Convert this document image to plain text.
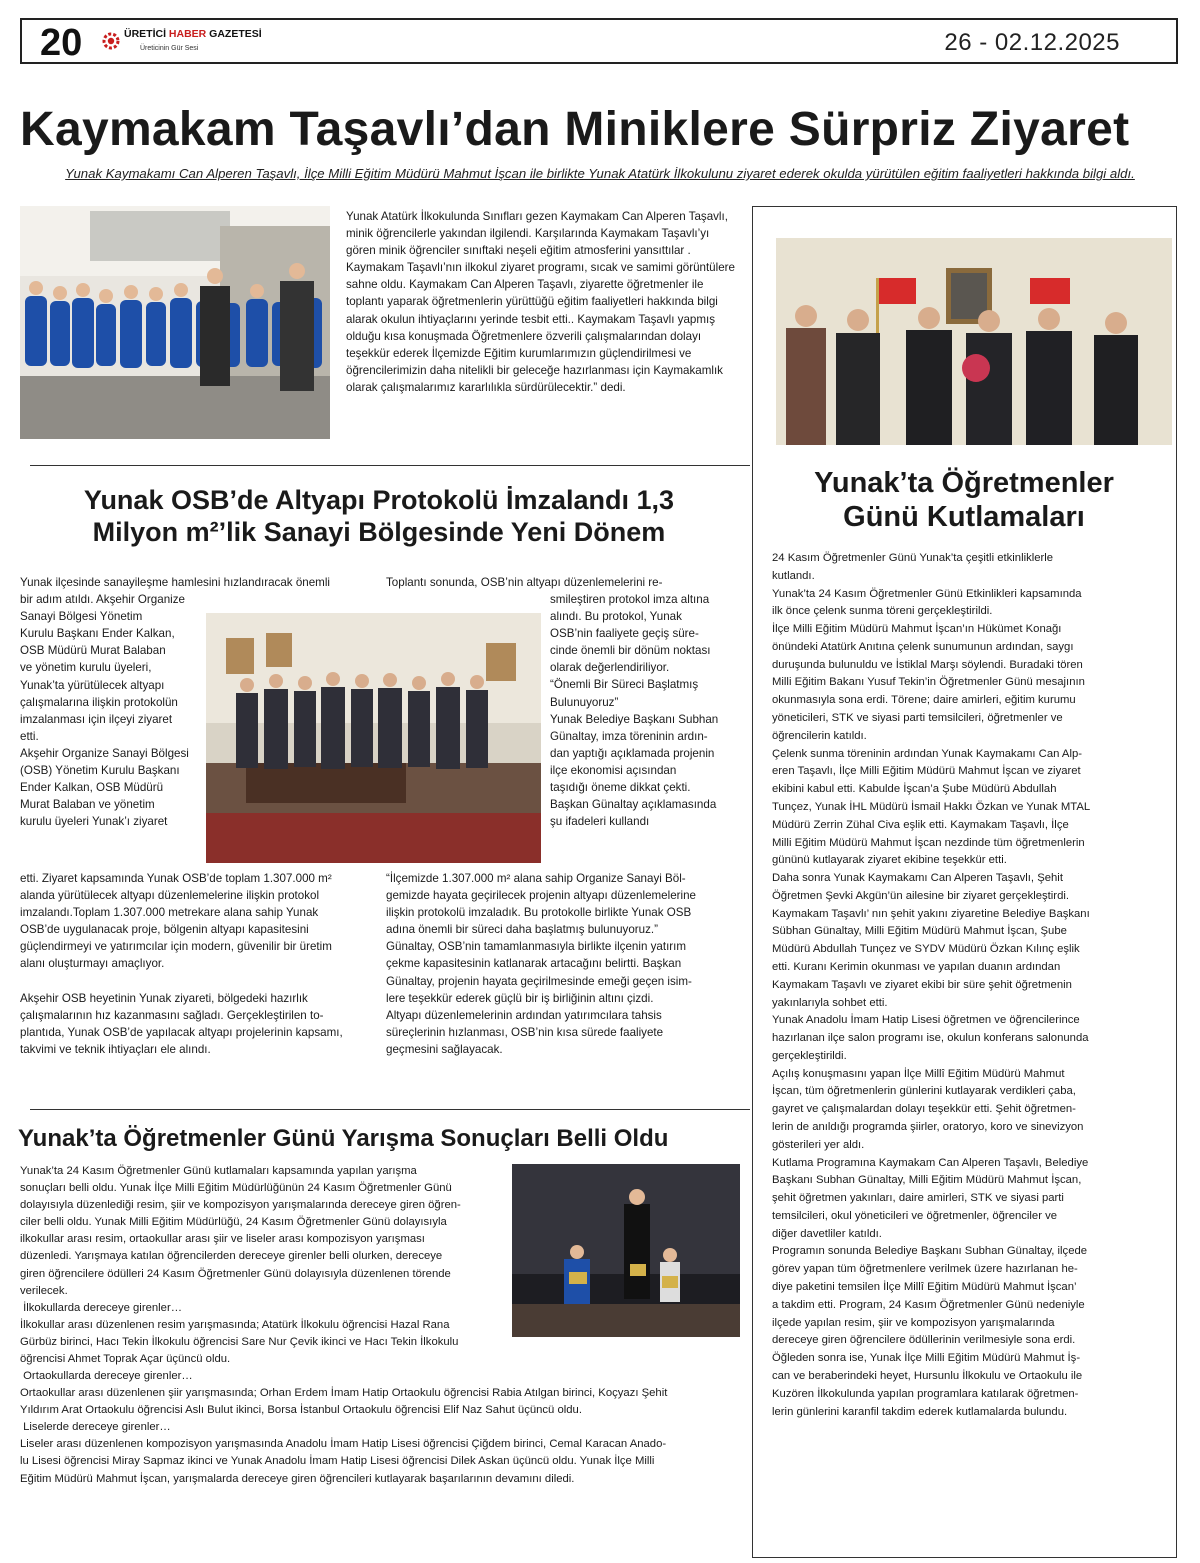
20	ÜRETİCİ HABER GAZETESİ
Üreticinin Gür Sesi	26 - 02.12.2025
Kaymakam Taşavlı’dan Miniklere Sürpriz Ziyaret
Yunak Kaymakamı Can Alperen Taşavlı, İlçe Milli Eğitim Müdürü Mahmut İşcan ile birlikte Yunak Atatürk İlkokulunu ziyaret ederek okulda yürütülen eğitim faaliyetleri hakkında bilgi aldı.
Yunak Atatürk İlkokulunda Sınıfları gezen Kaymakam Can Alperen Taşavlı, minik öğrencilerle yakından ilgilendi. Karşılarında Kaymakam Taşavlı’yı gören minik öğrenciler sınıftaki neşeli eğitim atmosferini yansıttılar . Kaymakam Taşavlı’nın ilkokul ziyaret programı, sıcak ve samimi görüntülere sahne oldu. Kaymakam Can Alperen Taşavlı, ziyarette öğretmenler ile toplantı yaparak öğretmenlerin yürüttüğü eğitim faaliyetleri hakkında bilgi alarak okulun ihtiyaçlarını yerinde tesbit etti.. Kaymakam Taşavlı yapmış olduğu kısa konuşmada Öğretmenlere özverili çalışmalarından dolayı teşekkür ederek İlçemizde Eğitim kurumlarımızın güçlendirilmesi ve öğrencilerimizin daha nitelikli bir geleceğe hazırlanması için Kaymakamlık olarak çalışmalarımız kararlılıkla sürdürülecektir.” dedi.
Yunak OSB’de Altyapı Protokolü İmzalandı 1,3
Milyon m²’lik Sanayi Bölgesinde Yeni Dönem

Yunak ilçesinde sanayileşme hamlesini hızlandıracak önemli

bir adım atıldı. Akşehir Organize

Sanayi Bölgesi Yönetim

Kurulu Başkanı Ender Kalkan,

OSB Müdürü Murat Balaban

ve yönetim kurulu üyeleri,

Yunak’ta yürütülecek altyapı

çalışmalarına ilişkin protokolün

imzalanması için ilçeyi ziyaret

etti.

Akşehir Organize Sanayi Bölgesi

(OSB) Yönetim Kurulu Başkanı

Ender Kalkan, OSB Müdürü

Murat Balaban ve yönetim

kurulu üyeleri Yunak’ı ziyaret

etti. Ziyaret kapsamında Yunak OSB’de toplam 1.307.000 m²

alanda yürütülecek altyapı düzenlemelerine ilişkin protokol

imzalandı.Toplam 1.307.000 metrekare alana sahip Yunak

OSB’de uygulanacak proje, bölgenin altyapı kapasitesini

güçlendirmeyi ve yatırımcılar için modern, güvenilir bir üretim

alanı oluşturmayı amaçlıyor.

Akşehir OSB heyetinin Yunak ziyareti, bölgedeki hazırlık

çalışmalarının hız kazanmasını sağladı. Gerçekleştirilen to-

plantıda, Yunak OSB’de yapılacak altyapı projelerinin kapsamı,

takvimi ve teknik ihtiyaçları ele alındı.

Toplantı sonunda, OSB’nin altyapı düzenlemelerini re-

smileştiren protokol imza altına

alındı. Bu protokol, Yunak

OSB’nin faaliyete geçiş süre-

cinde önemli bir dönüm noktası

olarak değerlendiriliyor.

“Önemli Bir Süreci Başlatmış

Bulunuyoruz”

Yunak Belediye Başkanı Subhan

Günaltay, imza töreninin ardın-

dan yaptığı açıklamada projenin

ilçe ekonomisi açısından

taşıdığı öneme dikkat çekti.

Başkan Günaltay açıklamasında

şu ifadeleri kullandı

“İlçemizde 1.307.000 m² alana sahip Organize Sanayi Böl-

gemizde hayata geçirilecek projenin altyapı düzenlemelerine

ilişkin protokolü imzaladık. Bu protokolle birlikte Yunak OSB

adına önemli bir süreci daha başlatmış bulunuyoruz.”

Günaltay, OSB’nin tamamlanmasıyla birlikte ilçenin yatırım

çekme kapasitesinin katlanarak artacağını belirtti. Başkan

Günaltay, projenin hayata geçirilmesinde emeği geçen isim-

lere teşekkür ederek güçlü bir iş birliğinin altını çizdi.

Altyapı düzenlemelerinin ardından yatırımcılara tahsis

süreçlerinin hızlanması, OSB’nin kısa sürede faaliyete

geçmesini sağlayacak.

Yunak’ta Öğretmenler Günü Yarışma Sonuçları Belli Oldu

Yunak’ta 24 Kasım Öğretmenler Günü kutlamaları kapsamında yapılan yarışma

sonuçları belli oldu. Yunak İlçe Milli Eğitim Müdürlüğünün 24 Kasım Öğretmenler Günü

dolayısıyla düzenlediği resim, şiir ve kompozisyon yarışmalarında dereceye giren öğren-

ciler belli oldu. Yunak Milli Eğitim Müdürlüğü, 24 Kasım Öğretmenler Günü dolayısıyla

ilkokullar arası resim, ortaokullar arası şiir ve liseler arası kompozisyon yarışması

düzenledi. Yarışmaya katılan öğrencilerden dereceye girenler belli olurken, dereceye

giren öğrencilere ödülleri 24 Kasım Öğretmenler Günü dolayısıyla düzenlenen törende

verilecek.

İlkokullarda dereceye girenler…

İlkokullar arası düzenlenen resim yarışmasında; Atatürk İlkokulu öğrencisi Hazal Rana

Gürbüz birinci, Hacı Tekin İlkokulu öğrencisi Sare Nur Çevik ikinci ve Hacı Tekin İlkokulu

öğrencisi Ahmet Toprak Açar üçüncü oldu.

Ortaokullarda dereceye girenler…

Ortaokullar arası düzenlenen şiir yarışmasında; Orhan Erdem İmam Hatip Ortaokulu öğrencisi Rabia Atılgan birinci, Koçyazı Şehit

Yıldırım Arat Ortaokulu öğrencisi Aslı Bulut ikinci, Borsa İstanbul Ortaokulu öğrencisi Elif Naz Sahut üçüncü oldu.

Liselerde dereceye girenler…

Liseler arası düzenlenen kompozisyon yarışmasında Anadolu İmam Hatip Lisesi öğrencisi Çiğdem birinci, Cemal Karacan Anado-

lu Lisesi öğrencisi Miray Sapmaz ikinci ve Yunak Anadolu İmam Hatip Lisesi öğrencisi Dilek Askan üçüncü oldu. Yunak İlçe Milli

Eğitim Müdürü Mahmut İşcan, yarışmalarda dereceye giren öğrencileri kutlayarak başarılarının devamını diledi.

Yunak’ta Öğretmenler
Günü Kutlamaları

24 Kasım Öğretmenler Günü Yunak’ta çeşitli etkinliklerle

kutlandı.

Yunak’ta 24 Kasım Öğretmenler Günü Etkinlikleri kapsamında

ilk önce çelenk sunma töreni gerçekleştirildi.

İlçe Milli Eğitim Müdürü Mahmut İşcan’ın Hükümet Konağı

önündeki Atatürk Anıtına çelenk sunumunun ardından, saygı

duruşunda bulunuldu ve İstiklal Marşı söylendi. Buradaki tören

Milli Eğitim Bakanı Yusuf Tekin’in Öğretmenler Günü mesajının

okunmasıyla sona erdi. Törene; daire amirleri, eğitim kurumu

yöneticileri, STK ve siyasi parti temsilcileri, öğretmenler ve

öğrencilerin katıldı.

Çelenk sunma töreninin ardından Yunak Kaymakamı Can Alp-

eren Taşavlı, İlçe Milli Eğitim Müdürü Mahmut İşcan ve ziyaret

ekibini kabul etti. Kabulde İşcan’a Şube Müdürü Abdullah

Tunçez, Yunak İHL Müdürü İsmail Hakkı Özkan ve Yunak MTAL

Müdürü Zerrin Zühal Civa eşlik etti. Kaymakam Taşavlı, İlçe

Milli Eğitim Müdürü Mahmut İşcan nezdinde tüm öğretmenlerin

gününü kutlayarak ziyaret ekibine teşekkür etti.

Daha sonra Yunak Kaymakamı Can Alperen Taşavlı, Şehit

Öğretmen Şevki Akgün’ün ailesine bir ziyaret gerçekleştirdi.

Kaymakam Taşavlı’ nın şehit yakını ziyaretine Belediye Başkanı

Sübhan Günaltay, Milli Eğitim Müdürü Mahmut İşcan, Şube

Müdürü Abdullah Tunçez ve SYDV Müdürü Özkan Kılınç eşlik

etti. Kuranı Kerimin okunması ve yapılan duanın ardından

Kaymakam Taşavlı ve ziyaret ekibi bir süre şehit öğretmenin

yakınlarıyla sohbet etti.

Yunak Anadolu İmam Hatip Lisesi öğretmen ve öğrencilerince

hazırlanan ilçe salon programı ise, okulun konferans salonunda

gerçekleştirildi.

Açılış konuşmasını yapan İlçe Millî Eğitim Müdürü Mahmut

İşcan, tüm öğretmenlerin günlerini kutlayarak verdikleri çaba,

gayret ve çalışmalardan dolayı teşekkür etti. Şehit öğretmen-

lerin de anıldığı programda şiirler, oratoryo, koro ve sinevizyon

gösterileri yer aldı.

Kutlama Programına Kaymakam Can Alperen Taşavlı, Belediye

Başkanı Subhan Günaltay, Milli Eğitim Müdürü Mahmut İşcan,

şehit öğretmen yakınları, daire amirleri, STK ve siyasi parti

temsilcileri, okul yöneticileri ve öğretmenler, öğrenciler ve

diğer davetliler katıldı.

Programın sonunda Belediye Başkanı Subhan Günaltay, ilçede

görev yapan tüm öğretmenlere verilmek üzere hazırlanan he-

diye paketini temsilen İlçe Millî Eğitim Müdürü Mahmut İşcan’

a takdim etti. Program, 24 Kasım Öğretmenler Günü nedeniyle

ilçede yapılan resim, şiir ve kompozisyon yarışmalarında

dereceye giren öğrencilere ödüllerinin verilmesiyle sona erdi.

Öğleden sonra ise, Yunak İlçe Milli Eğitim Müdürü Mahmut İş-

can ve beraberindeki heyet, Hursunlu İlkokulu ve Ortaokulu ile

Kuzören İlkokulunda yapılan programlara katılarak öğretmen-

lerin günlerini karanfil takdim ederek kutlamalarda bulundu.
